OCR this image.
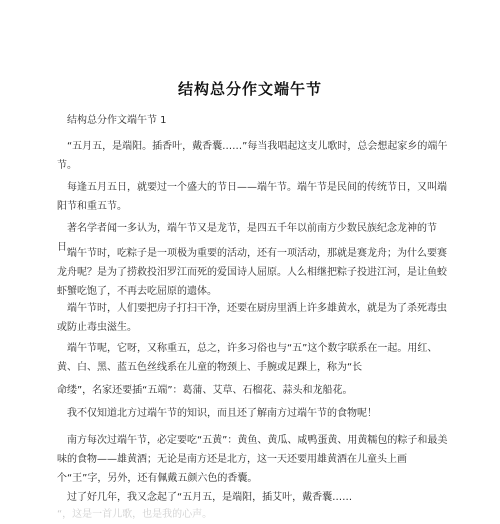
结构总分作文端午节
结构总分作文端午节 1
“五月五，是端阳。插香叶，戴香囊……”每当我唱起这支儿歌时，总会想起家乡的端午节。
每逢五月五日，就要过一个盛大的节日——端午节。端午节是民间的传统节日，又叫端阳节和重五节。
著名学者闻一多认为，端午节又是龙节，是四五千年以前南方少数民族纪念龙神的节日。
端午节时，吃粽子是一项极为重要的活动，还有一项活动，那就是赛龙舟；为什么要赛龙舟呢？是为了捞救投汨罗江而死的爱国诗人屈原。人么相继把粽子投进江河，是让鱼蛟虾蟹吃饱了，不再去吃屈原的遗体。
端午节时，人们要把房子打扫干净，还要在厨房里洒上许多雄黄水，就是为了杀死毒虫或防止毒虫滋生。
端午节呢，它呀，又称重五，总之，许多习俗也与“五”这个数字联系在一起。用红、黄、白、黑、蓝五色丝线系在儿童的物颈上、手腕或足踝上，称为“长
命缕”，名家还要插“五端”：葛蒲、艾草、石榴花、蒜头和龙船花。
我不仅知道北方过端午节的知识，而且还了解南方过端午节的食物呢！
南方每次过端午节，必定要吃“五黄”：黄鱼、黄瓜、咸鸭蛋黄、用黄糯包的粽子和最美味的食物——雄黄酒；无论是南方还是北方，这一天还要用雄黄酒在儿童头上画个“王”字，另外，还有佩戴五颜六色的香囊。
过了好几年，我又念起了“五月五，是端阳，插艾叶，戴香囊……
“，这是一首儿歌，也是我的心声。
